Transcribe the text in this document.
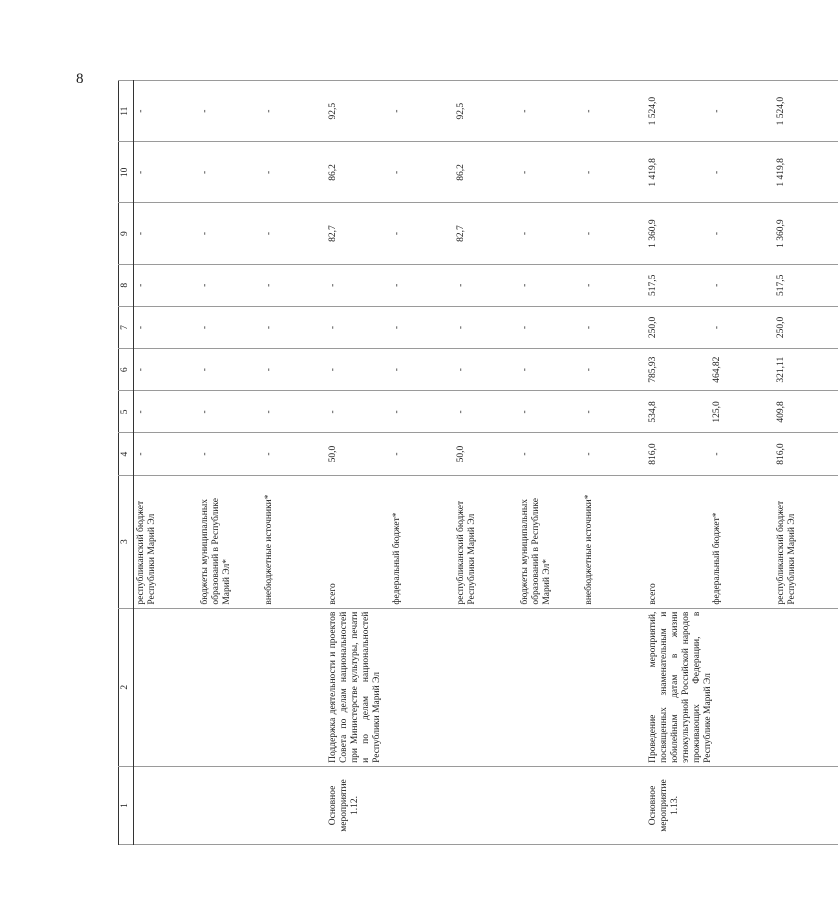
8
1	2	3	4	5	6	7	8	9	10	11
		республиканский бюджет Республики Марий Эл	-	-	-	-	-	-	-	-
		бюджеты муниципальных образований в Республике Марий Эл*	-	-	-	-	-	-	-	-
		внебюджетные источники*	-	-	-	-	-	-	-	-
Основное мероприятие 1.12.	Поддержка деятельности и проектов Совета по делам национальностей при Министерстве культуры, печати и по делам национальностей Республики Марий Эл	всего	50,0	-	-	-	-	82,7	86,2	92,5
		федеральный бюджет*	-	-	-	-	-	-	-	-
		республиканский бюджет Республики Марий Эл	50,0	-	-	-	-	82,7	86,2	92,5
		бюджеты муниципальных образований в Республике Марий Эл*	-	-	-	-	-	-	-	-
		внебюджетные источники*	-	-	-	-	-	-	-	-
Основное мероприятие 1.13.	Проведение мероприятий, посвященных знаменательным и юбилейным датам в жизни этнокультурной Российской народов проживающих Федерации, в Республике Марий Эл	всего	816,0	534,8	785,93	250,0	517,5	1 360,9	1 419,8	1 524,0
		федеральный бюджет*	-	125,0	464,82	-	-	-	-	-
		республиканский бюджет Республики Марий Эл	816,0	409,8	321,11	250,0	517,5	1 360,9	1 419,8	1 524,0
